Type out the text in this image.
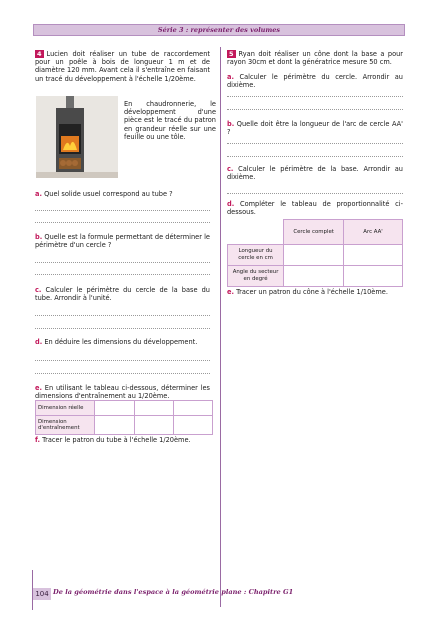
Série 3 : représenter des volumes
4 Lucien doit réaliser un tube de raccordement pour un poêle à bois de longueur 1 m et de diamètre 120 mm. Avant cela il s'entraîne en faisant un tracé du développement à l'échelle 1/20ème.
En chaudronnerie, le développement d'une pièce est le tracé du patron en grandeur réelle sur une feuille ou une tôle.
a. Quel solide usuel correspond au tube ?
b. Quelle est la formule permettant de déterminer le périmètre d'un cercle ?
c. Calculer le périmètre du cercle de la base du tube. Arrondir à l'unité.
d. En déduire les dimensions du développement.
e. En utilisant le tableau ci-dessous, déterminer les dimensions d'entraînement au 1/20ème.
Dimension réelle			
Dimension d'entraînement			
f. Tracer le patron du tube à l'échelle 1/20ème.
5 Ryan doit réaliser un cône dont la base a pour rayon 30cm et dont la génératrice mesure 50 cm.
a. Calculer le périmètre du cercle. Arrondir au dixième.
b. Quelle doit être la longueur de l'arc de cercle AA' ?
c. Calculer le périmètre de la base. Arrondir au dixième.
d. Compléter le tableau de proportionnalité ci-dessous.
	Cercle complet	Arc AA'
Longueur du cercle en cm		
Angle du secteur en degré		
e. Tracer un patron du cône à l'échelle 1/10ème.
104 De la géométrie dans l'espace à la géométrie plane : Chapitre G1
